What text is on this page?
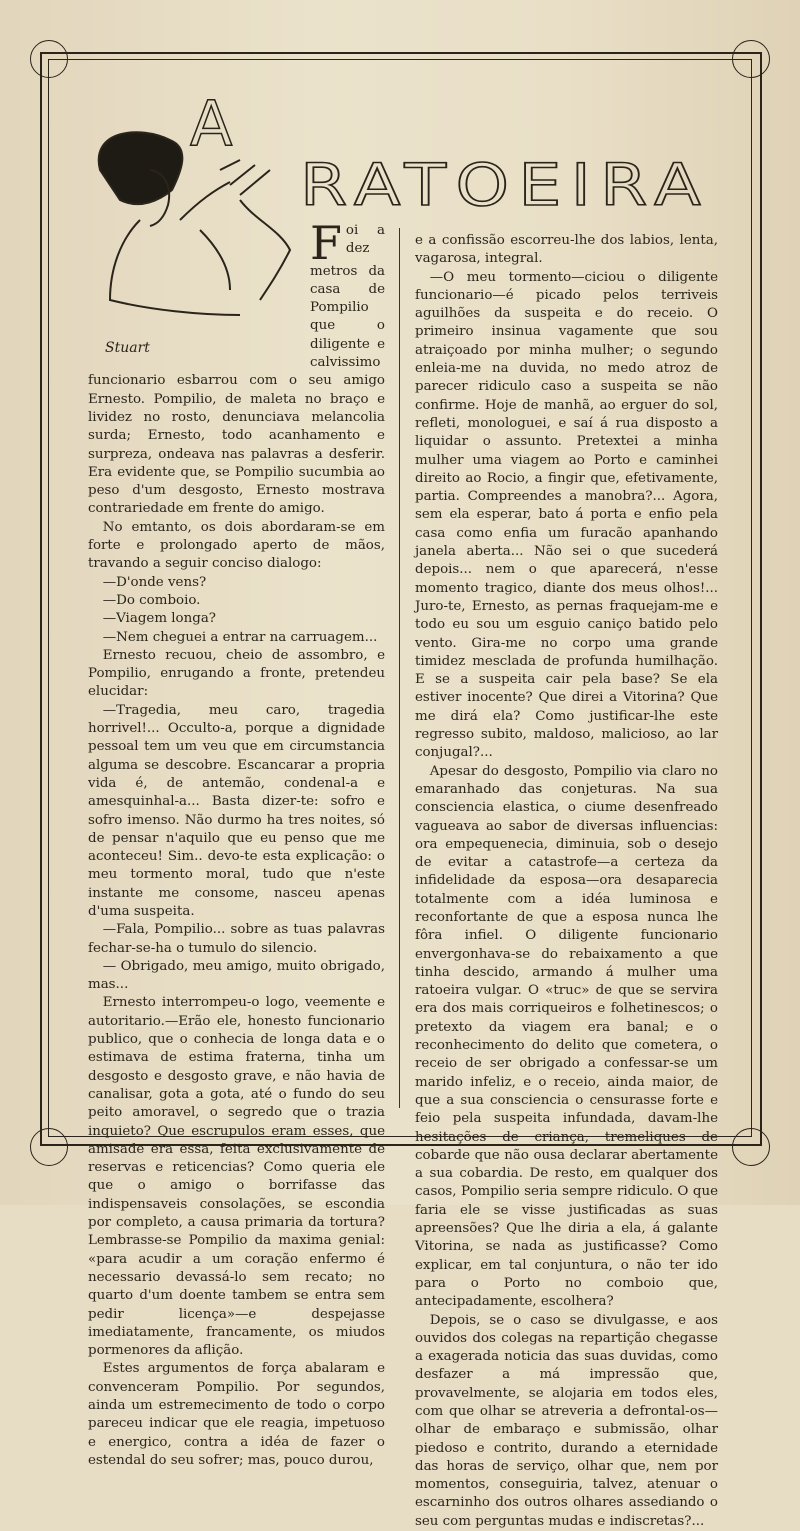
Stuart
A
RATOEIRA

Foi a dez metros da casa de Pompilio que o diligente e calvissimo funcionario esbarrou com o seu amigo Ernesto. Pompilio, de maleta no braço e lividez no rosto, denunciava melancolia surda; Ernesto, todo acanhamento e surpreza, ondeava nas palavras a desferir. Era evidente que, se Pompilio sucumbia ao peso d'um desgosto, Ernesto mostrava contrariedade em frente do amigo.

No emtanto, os dois abordaram-se em forte e prolongado aperto de mãos, travando a seguir conciso dialogo:

—D'onde vens?

—Do comboio.

—Viagem longa?

—Nem cheguei a entrar na carruagem...

Ernesto recuou, cheio de assombro, e Pompilio, enrugando a fronte, pretendeu elucidar:

—Tragedia, meu caro, tragedia horrivel!... Occulto-a, porque a dignidade pessoal tem um veu que em circumstancia alguma se descobre. Escancarar a propria vida é, de antemão, condenal-a e amesquinhal-a... Basta dizer-te: sofro e sofro imenso. Não durmo ha tres noites, só de pensar n'aquilo que eu penso que me aconteceu! Sim.. devo-te esta explicação: o meu tormento moral, tudo que n'este instante me consome, nasceu apenas d'uma suspeita.

—Fala, Pompilio... sobre as tuas palavras fechar-se-ha o tumulo do silencio.

— Obrigado, meu amigo, muito obrigado, mas...

Ernesto interrompeu-o logo, veemente e autoritario.—Erão ele, honesto funcionario publico, que o conhecia de longa data e o estimava de estima fraterna, tinha um desgosto e desgosto grave, e não havia de canalisar, gota a gota, até o fundo do seu peito amoravel, o segredo que o trazia inquieto? Que escrupulos eram esses, que amisade era essa, feita exclusivamente de reservas e reticencias? Como queria ele que o amigo o borrifasse das indispensaveis consolações, se escondia por completo, a causa primaria da tortura? Lembrasse-se Pompilio da maxima genial: «para acudir a um coração enfermo é necessario devassá-lo sem recato; no quarto d'um doente tambem se entra sem pedir licença»—e despejasse imediatamente, francamente, os miudos pormenores da aflição.

Estes argumentos de força abalaram e convenceram Pompilio. Por segundos, ainda um estremecimento de todo o corpo pareceu indicar que ele reagia, impetuoso e energico, contra a idéa de fazer o estendal do seu sofrer; mas, pouco durou,

e a confissão escorreu-lhe dos labios, lenta, vagarosa, integral.

—O meu tormento—ciciou o diligente funcionario—é picado pelos terriveis aguilhões da suspeita e do receio. O primeiro insinua vagamente que sou atraiçoado por minha mulher; o segundo enleia-me na duvida, no medo atroz de parecer ridiculo caso a suspeita se não confirme. Hoje de manhã, ao erguer do sol, refleti, monologuei, e saí á rua disposto a liquidar o assunto. Pretextei a minha mulher uma viagem ao Porto e caminhei direito ao Rocio, a fingir que, efetivamente, partia. Compreendes a manobra?... Agora, sem ela esperar, bato á porta e enfio pela casa como enfia um furacão apanhando janela aberta... Não sei o que sucederá depois... nem o que aparecerá, n'esse momento tragico, diante dos meus olhos!... Juro-te, Ernesto, as pernas fraquejam-me e todo eu sou um esguio caniço batido pelo vento. Gira-me no corpo uma grande timidez mesclada de profunda humilhação. E se a suspeita cair pela base? Se ela estiver inocente? Que direi a Vitorina? Que me dirá ela? Como justificar-lhe este regresso subito, maldoso, malicioso, ao lar conjugal?...

Apesar do desgosto, Pompilio via claro no emaranhado das conjeturas. Na sua consciencia elastica, o ciume desenfreado vagueava ao sabor de diversas influencias: ora empequenecia, diminuia, sob o desejo de evitar a catastrofe—a certeza da infidelidade da esposa—ora desaparecia totalmente com a idéa luminosa e reconfortante de que a esposa nunca lhe fôra infiel. O diligente funcionario envergonhava-se do rebaixamento a que tinha descido, armando á mulher uma ratoeira vulgar. O «truc» de que se servira era dos mais corriqueiros e folhetinescos; o pretexto da viagem era banal; e o reconhecimento do delito que cometera, o receio de ser obrigado a confessar-se um marido infeliz, e o receio, ainda maior, de que a sua consciencia o censurasse forte e feio pela suspeita infundada, davam-lhe hesitações de criança, tremeliques de cobarde que não ousa declarar abertamente a sua cobardia. De resto, em qualquer dos casos, Pompilio seria sempre ridiculo. O que faria ele se visse justificadas as suas apreensões? Que lhe diria a ela, á galante Vitorina, se nada as justificasse? Como explicar, em tal conjuntura, o não ter ido para o Porto no comboio que, antecipadamente, escolhera?

Depois, se o caso se divulgasse, e aos ouvidos dos colegas na repartição chegasse a exagerada noticia das suas duvidas, como desfazer a má impressão que, provavelmente, se alojaria em todos eles, com que olhar se atreveria a defrontal-os—olhar de embaraço e submissão, olhar piedoso e contrito, durando a eternidade das horas de serviço, olhar que, nem por momentos, conseguiria, talvez, atenuar o escarninho dos outros olhares assediando o seu com perguntas mudas e indiscretas?...
